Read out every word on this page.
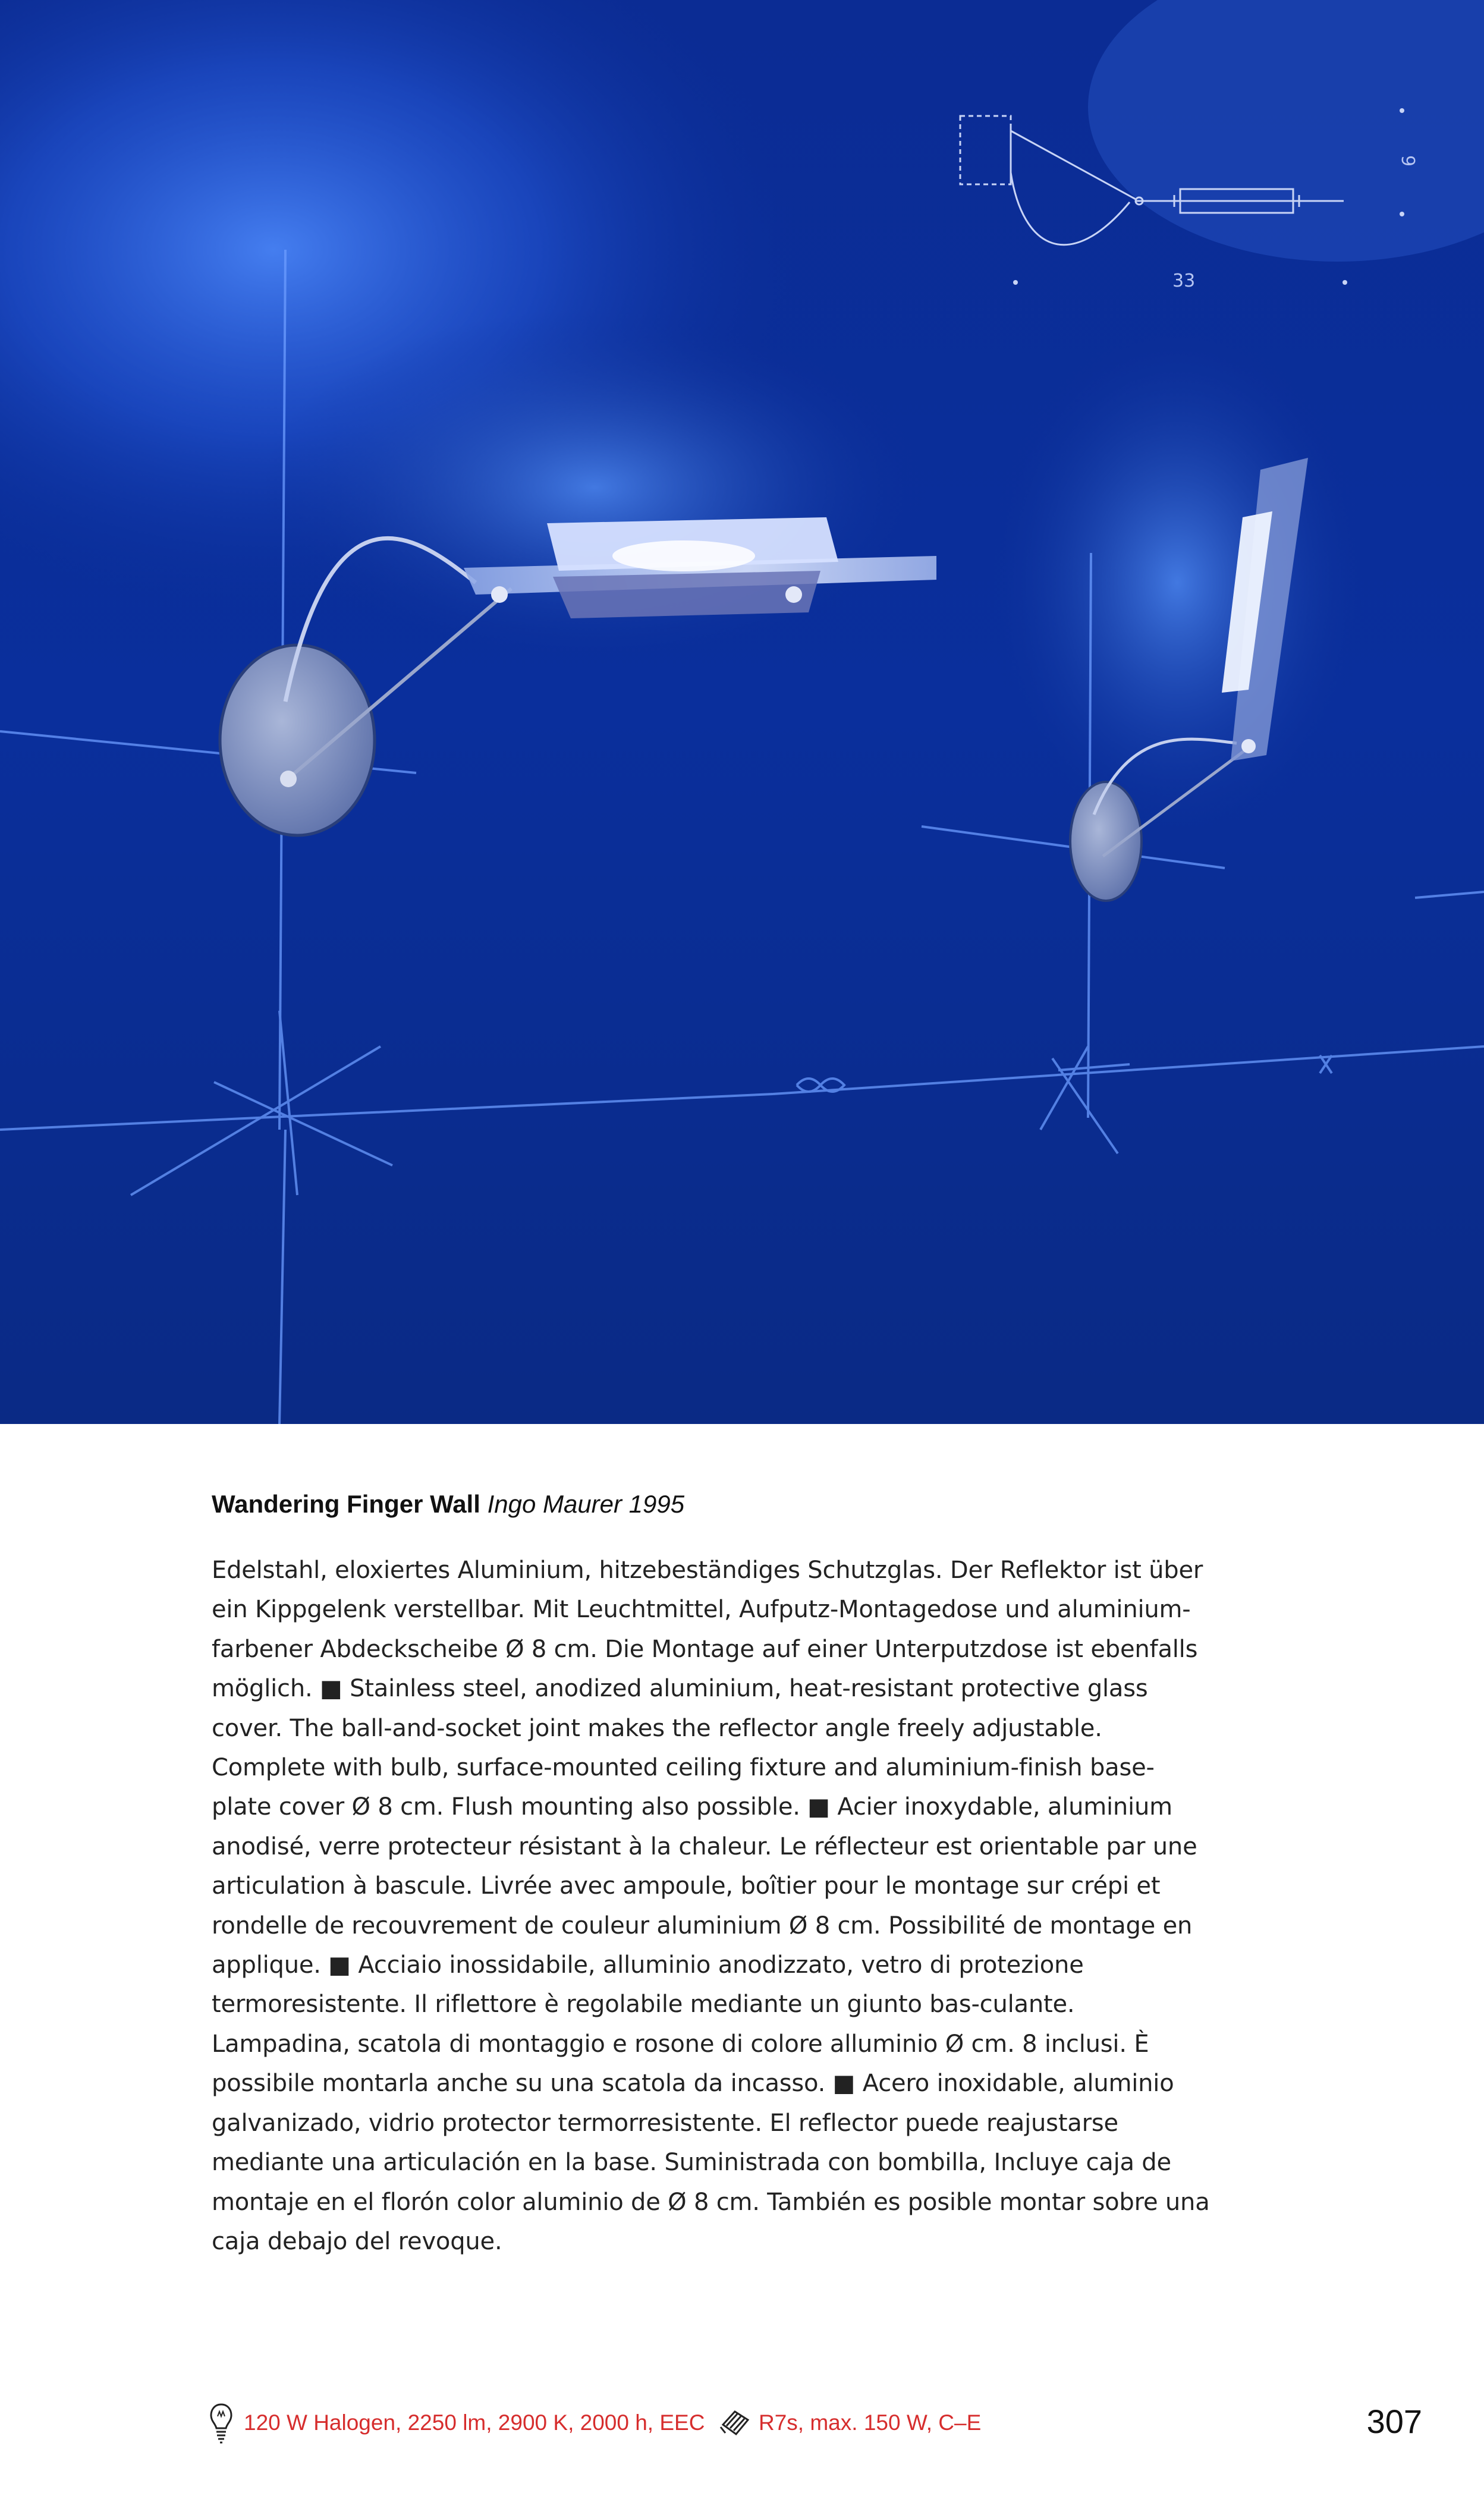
33
9

Wandering Finger Wall Ingo Maurer 1995

Edelstahl, eloxiertes Aluminium, hitzebeständiges Schutzglas. Der Reflektor ist über ein Kippgelenk verstellbar. Mit Leuchtmittel, Aufputz-Montagedose und aluminium-farbener Abdeckscheibe Ø 8 cm. Die Montage auf einer Unterputzdose ist ebenfalls möglich. ■ Stainless steel, anodized aluminium, heat-resistant protective glass cover. The ball-and-socket joint makes the reflector angle freely adjustable. Complete with bulb, surface-mounted ceiling fixture and aluminium-finish base-plate cover Ø 8 cm. Flush mounting also possible. ■ Acier inoxydable, aluminium anodisé, verre protecteur résistant à la chaleur. Le réflecteur est orientable par une articulation à bascule. Livrée avec ampoule, boîtier pour le montage sur crépi et rondelle de recouvrement de couleur aluminium Ø 8 cm. Possibilité de montage en applique. ■ Acciaio inossidabile, alluminio anodizzato, vetro di protezione termoresistente. Il riflettore è regolabile mediante un giunto bas-culante. Lampadina, scatola di montaggio e rosone di colore alluminio Ø cm. 8 inclusi. È possibile montarla anche su una scatola da incasso. ■ Acero inoxidable, aluminio galvanizado, vidrio protector termorresistente. El reflector puede reajustarse mediante una articulación en la base. Suministrada con bombilla, Incluye caja de montaje en el florón color aluminio de Ø 8 cm. También es posible montar sobre una caja debajo del revoque.

120 W Halogen, 2250 lm, 2900 K, 2000 h, EEC R7s, max. 150 W, C–E	307
